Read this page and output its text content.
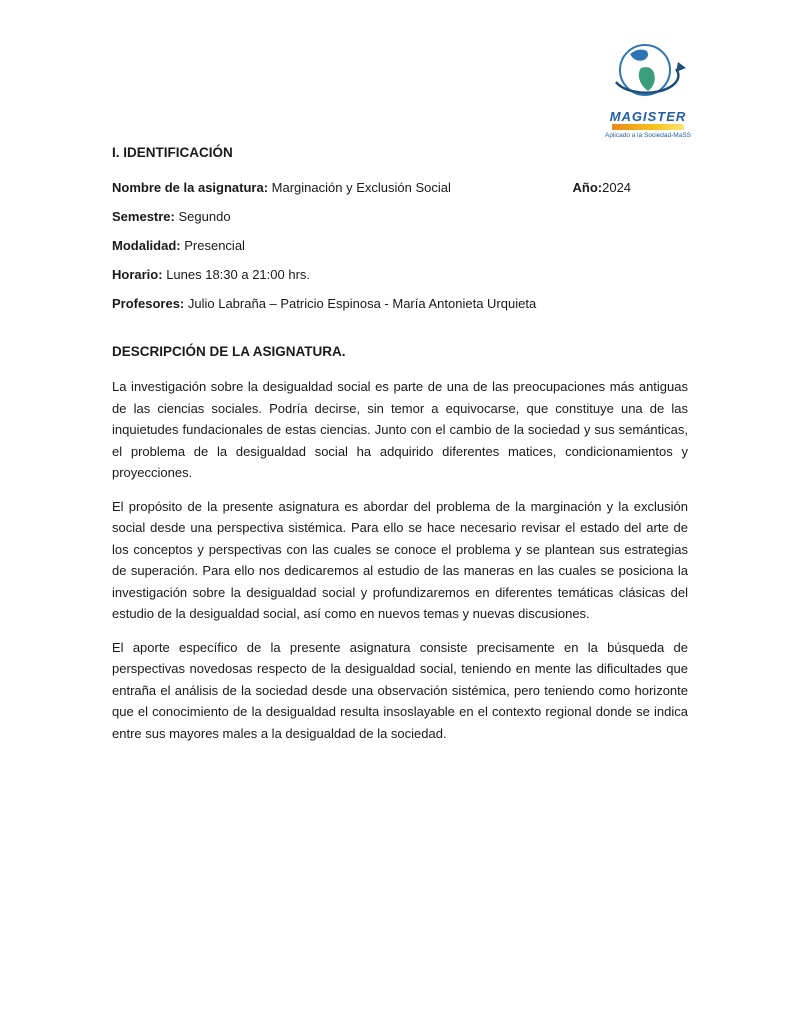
MAGISTER
Aplicado a la Sociedad-MaSS

I. IDENTIFICACIÓN

Nombre de la asignatura: Marginación y Exclusión Social	Año:2024

Semestre: Segundo

Modalidad: Presencial

Horario: Lunes 18:30 a 21:00 hrs.

Profesores: Julio Labraña – Patricio Espinosa - María Antonieta Urquieta

DESCRIPCIÓN DE LA ASIGNATURA.

La investigación sobre la desigualdad social es parte de una de las preocupaciones más antiguas de las ciencias sociales. Podría decirse, sin temor a equivocarse, que constituye una de las inquietudes fundacionales de estas ciencias. Junto con el cambio de la sociedad y sus semánticas, el problema de la desigualdad social ha adquirido diferentes matices, condicionamientos y proyecciones.

El propósito de la presente asignatura es abordar del problema de la marginación y la exclusión social desde una perspectiva sistémica. Para ello se hace necesario revisar el estado del arte de los conceptos y perspectivas con las cuales se conoce el problema y se plantean sus estrategias de superación. Para ello nos dedicaremos al estudio de las maneras en las cuales se posiciona la investigación sobre la desigualdad social y profundizaremos en diferentes temáticas clásicas del estudio de la desigualdad social, así como en nuevos temas y nuevas discusiones.

El aporte específico de la presente asignatura consiste precisamente en la búsqueda de perspectivas novedosas respecto de la desigualdad social, teniendo en mente las dificultades que entraña el análisis de la sociedad desde una observación sistémica, pero teniendo como horizonte que el conocimiento de la desigualdad resulta insoslayable en el contexto regional donde se indica entre sus mayores males a la desigualdad de la sociedad.
